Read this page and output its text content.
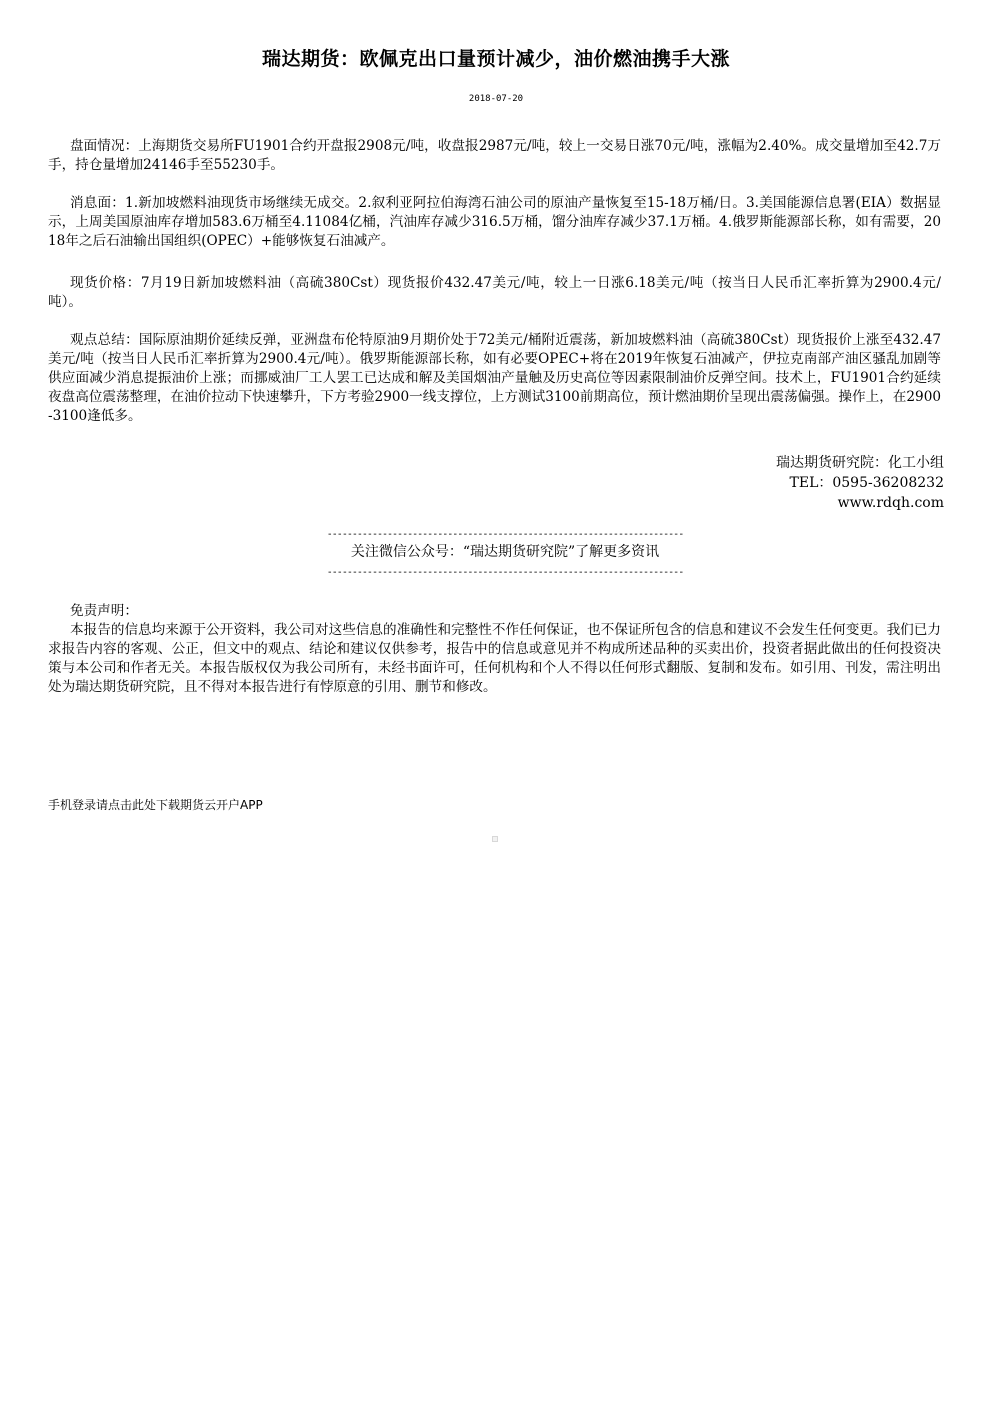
瑞达期货：欧佩克出口量预计减少，油价燃油携手大涨
2018-07-20

盘面情况：上海期货交易所FU1901合约开盘报2908元/吨，收盘报2987元/吨，较上一交易日涨70元/吨，涨幅为2.40%。成交量增加至42.7万手，持仓量增加24146手至55230手。

消息面：1.新加坡燃料油现货市场继续无成交。2.叙利亚阿拉伯海湾石油公司的原油产量恢复至15-18万桶/日。3.美国能源信息署(EIA）数据显示，上周美国原油库存增加583.6万桶至4.11084亿桶，汽油库存减少316.5万桶，馏分油库存减少37.1万桶。4.俄罗斯能源部长称，如有需要，2018年之后石油输出国组织(OPEC）+能够恢复石油减产。

现货价格：7月19日新加坡燃料油（高硫380Cst）现货报价432.47美元/吨，较上一日涨6.18美元/吨（按当日人民币汇率折算为2900.4元/吨）。

观点总结：国际原油期价延续反弹，亚洲盘布伦特原油9月期价处于72美元/桶附近震荡，新加坡燃料油（高硫380Cst）现货报价上涨至432.47美元/吨（按当日人民币汇率折算为2900.4元/吨）。俄罗斯能源部长称，如有必要OPEC+将在2019年恢复石油减产，伊拉克南部产油区骚乱加剧等供应面减少消息提振油价上涨；而挪威油厂工人罢工已达成和解及美国烟油产量触及历史高位等因素限制油价反弹空间。技术上，FU1901合约延续夜盘高位震荡整理，在油价拉动下快速攀升，下方考验2900一线支撑位，上方测试3100前期高位，预计燃油期价呈现出震荡偏强。操作上，在2900-3100逢低多。

瑞达期货研究院：化工小组
TEL：0595-36208232
www.rdqh.com
-----------------------------------------------------------------------
关注微信公众号：“瑞达期货研究院”了解更多资讯
-----------------------------------------------------------------------
免责声明：
本报告的信息均来源于公开资料，我公司对这些信息的准确性和完整性不作任何保证，也不保证所包含的信息和建议不会发生任何变更。我们已力求报告内容的客观、公正，但文中的观点、结论和建议仅供参考，报告中的信息或意见并不构成所述品种的买卖出价，投资者据此做出的任何投资决策与本公司和作者无关。本报告版权仅为我公司所有，未经书面许可，任何机构和个人不得以任何形式翻版、复制和发布。如引用、刊发，需注明出处为瑞达期货研究院，且不得对本报告进行有悖原意的引用、删节和修改。
手机登录请点击此处下载期货云开户APP
